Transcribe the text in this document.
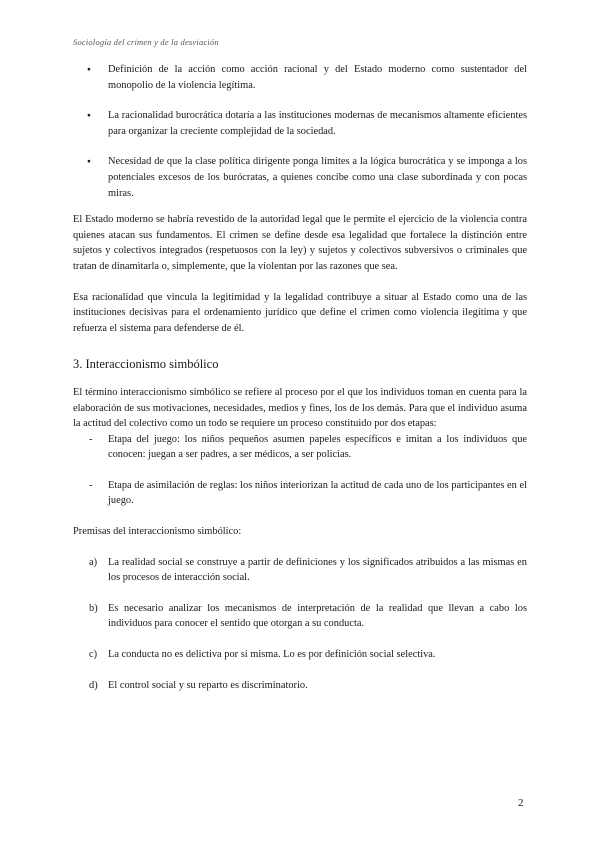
Sociología del crimen y de la desviación
● Definición de la acción como acción racional y del Estado moderno como sustentador del monopolio de la violencia legítima.
● La racionalidad burocrática dotaría a las instituciones modernas de mecanismos altamente eficientes para organizar la creciente complejidad de la sociedad.
● Necesidad de que la clase política dirigente ponga límites a la lógica burocrática y se imponga a los potenciales excesos de los burócratas, a quienes concibe como una clase subordinada y con pocas miras.

El Estado moderno se habría revestido de la autoridad legal que le permite el ejercicio de la violencia contra quienes atacan sus fundamentos. El crimen se define desde esa legalidad que fortalece la distinción entre sujetos y colectivos integrados (respetuosos con la ley) y sujetos y colectivos subversivos o criminales que tratan de dinamitarla o, simplemente, que la violentan por las razones que sea.

Esa racionalidad que vincula la legitimidad y la legalidad contribuye a situar al Estado como una de las instituciones decisivas para el ordenamiento jurídico que define el crimen como violencia ilegítima y que refuerza el sistema para defenderse de él.

3. Interaccionismo simbólico

El término interaccionismo simbólico se refiere al proceso por el que los individuos toman en cuenta para la elaboración de sus motivaciones, necesidades, medios y fines, los de los demás. Para que el individuo asuma la actitud del colectivo como un todo se requiere un proceso constituido por dos etapas:

- Etapa del juego: los niños pequeños asumen papeles específicos e imitan a los individuos que conocen: juegan a ser padres, a ser médicos, a ser policías.
- Etapa de asimilación de reglas: los niños interiorizan la actitud de cada uno de los participantes en el juego.

Premisas del interaccionismo simbólico:

a) La realidad social se construye a partir de definiciones y los significados atribuidos a las mismas en los procesos de interacción social.
b) Es necesario analizar los mecanismos de interpretación de la realidad que llevan a cabo los individuos para conocer el sentido que otorgan a su conducta.
c) La conducta no es delictiva por sí misma. Lo es por definición social selectiva.
d) El control social y su reparto es discriminatorio.
2
